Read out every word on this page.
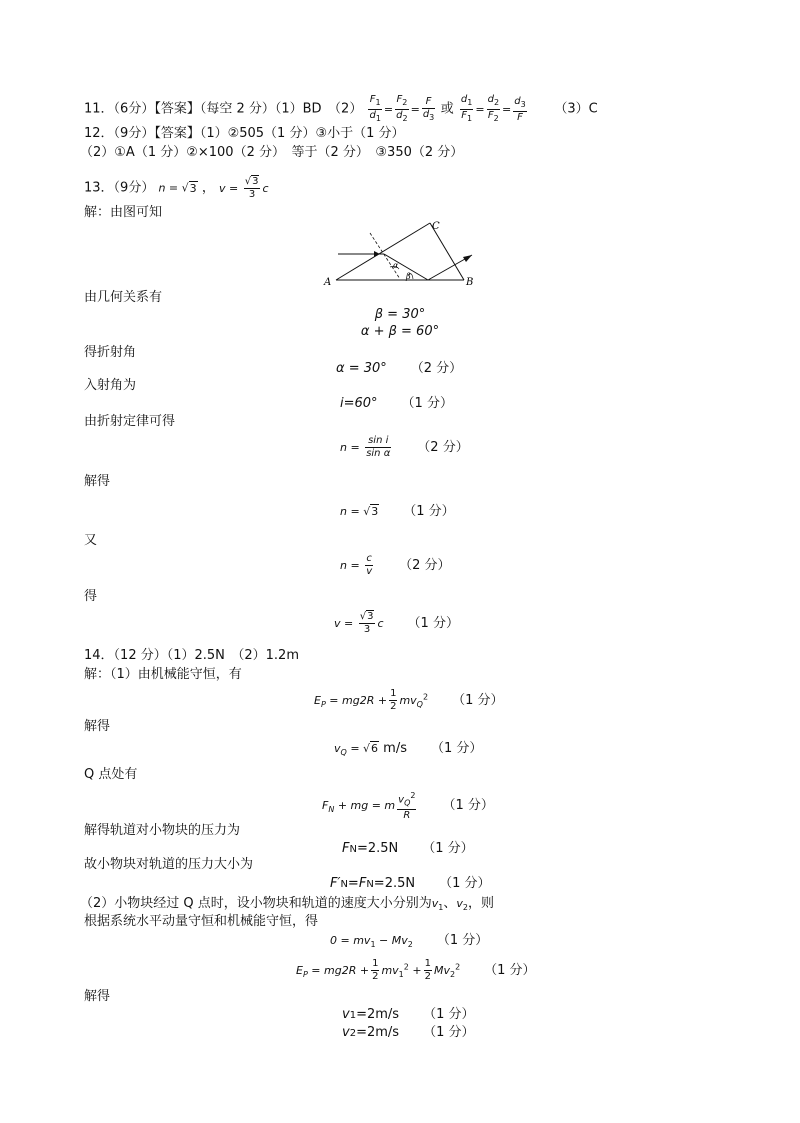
11．（6分）【答案】（每空 2 分）（1）BD　$(2) \frac{F_1}{d_1} = \frac{F_2}{d_2} = \frac{F}{d_3}$ 或 $\frac{d_1}{F_1} = \frac{d_2}{F_2} = \frac{d_3}{F} (3)C$
12．（9分）【答案】（1）②505（1 分）③小于（1 分）
（2）①A（1 分）②×100（2 分）　等于（2 分）　③350（2 分）
13．（9分） n = √3 ， $v = \frac{√3}{3}$ c
解：由图可知
A	B
C
α
β
由几何关系有
β = 30°
α + β = 60°
得折射角
α = 30° （2 分）
入射角为
i=60° （1 分）
由折射定律可得
$n = \frac{\text{sin i}}{\text{sin α}} (2$ 分）
解得
n = √3 （1 分）
又
$n = \frac{c}{v} (2$ 分）
得
$v = \frac{√3}{3}$ c （1 分）
14．（12 分）（1）2.5N　（2）1.2m
解：（1）由机械能守恒，有
$E_P = mg2R + \frac{1}{2} mv_Q^2$ （1 分）
解得
$v_Q = √6$ m/s （1 分）
Q 点处有
$F_N$ + mg = m $\frac{v_Q^2}{R} (1$ 分）
解得轨道对小物块的压力为
FN=2.5N （1 分）
故小物块对轨道的压力大小为
F′N=FN=2.5N （1 分）
（2）小物块经过 Q 点时，设小物块和轨道的速度大小分别为$v_1$、$v_2$，则
根据系统水平动量守恒和机械能守恒，得
$0 = mv_1 - Mv_2$ （1 分）
$E_P = mg2R + \frac{1}{2} mv_1^2 + \frac{1}{2} Mv_2^2$ （1 分）
解得
v1=2m/s （1 分）
v2=2m/s （1 分）
